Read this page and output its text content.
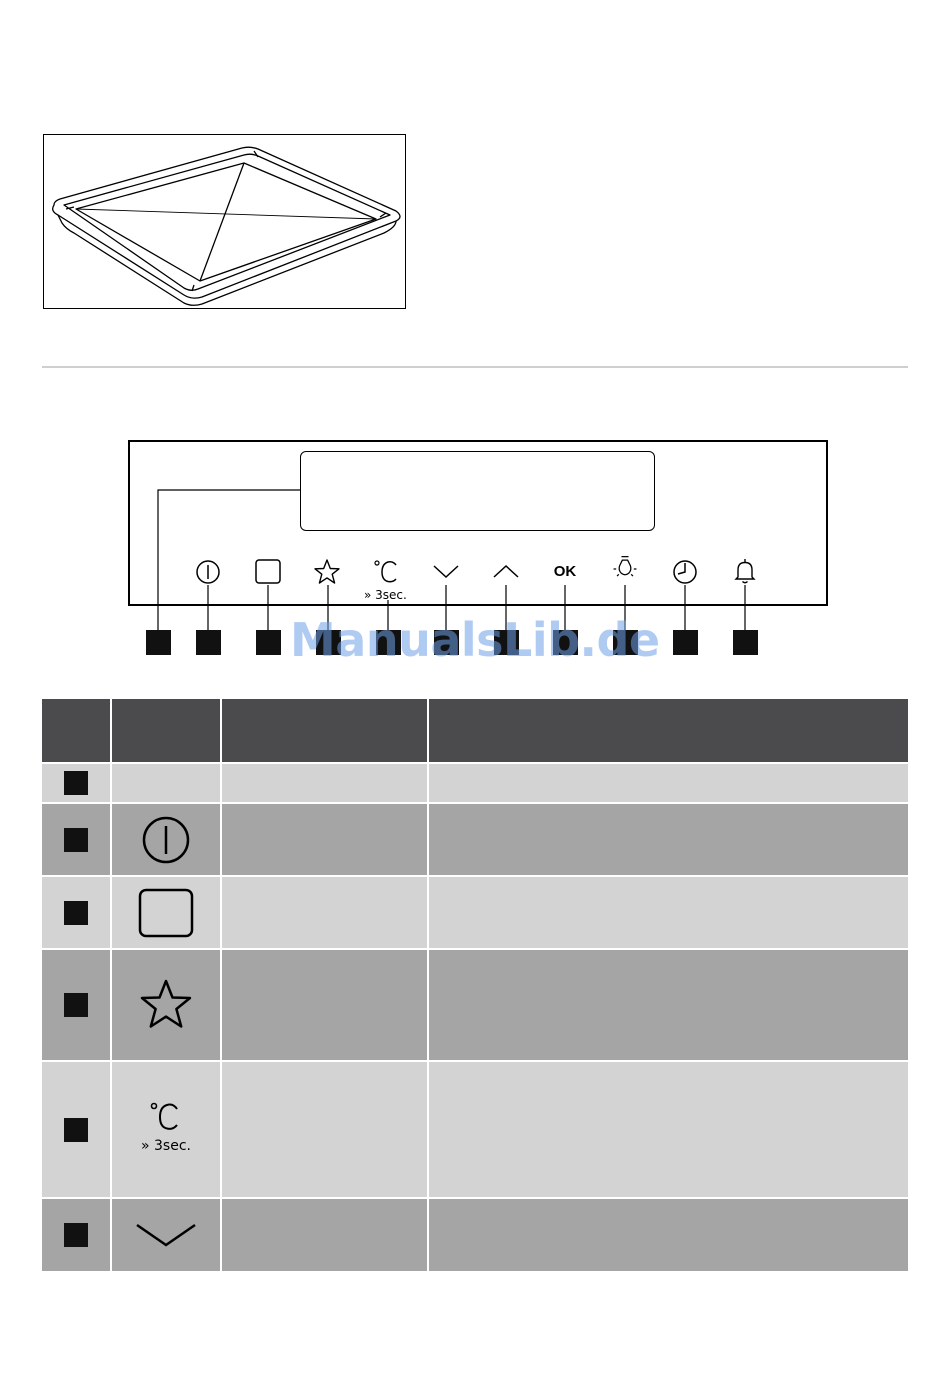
» 3sec.
OK
ManualsLib.de
» 3sec.
